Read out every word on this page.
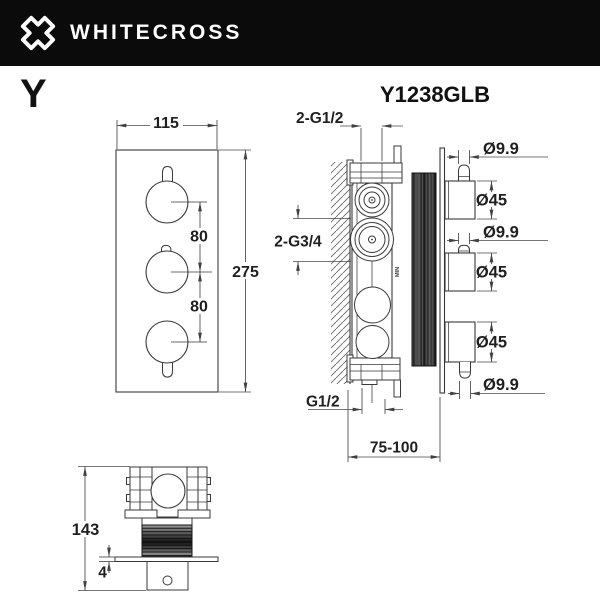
WHITECROSS
Y	Y1238GLB
80
80
115
275	MIN
2-G1/2
2-G3/4
G1/2
75-100
Ø9.9
Ø45
Ø9.9
Ø45
Ø45
Ø9.9
143
4
